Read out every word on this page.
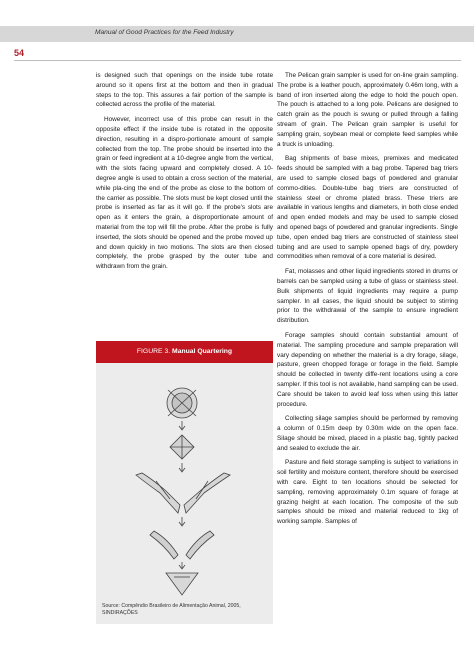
Manual of Good Practices for the Feed Industry
54

is designed such that openings on the inside tube rotate around so it opens first at the bottom and then in gradual steps to the top. This assures a fair portion of the sample is collected across the profile of the material.

However, incorrect use of this probe can result in the opposite effect if the inside tube is rotated in the opposite direction, resulting in a dispro-portionate amount of sample collected from the top. The probe should be inserted into the grain or feed ingredient at a 10-degree angle from the vertical, with the slots facing upward and completely closed. A 10-degree angle is used to obtain a cross section of the material, while pla-cing the end of the probe as close to the bottom of the carrier as possible. The slots must be kept closed until the probe is inserted as far as it will go. If the probe's slots are open as it enters the grain, a disproportionate amount of material from the top will fill the probe. After the probe is fully inserted, the slots should be opened and the probe moved up and down quickly in two motions. The slots are then closed completely, the probe grasped by the outer tube and withdrawn from the grain.

FIGURE 3. Manual Quartering
Source: Compêndio Brasileiro de Alimentação Animal, 2005, SINDIRAÇÕES

The Pelican grain sampler is used for on-line grain sampling. The probe is a leather pouch, approximately 0.46m long, with a band of iron inserted along the edge to hold the pouch open. The pouch is attached to a long pole. Pelicans are designed to catch grain as the pouch is swung or pulled through a falling stream of grain. The Pelican grain sampler is useful for sampling grain, soybean meal or complete feed samples while a truck is unloading.

Bag shipments of base mixes, premixes and medicated feeds should be sampled with a bag probe. Tapered bag triers are used to sample closed bags of powdered and granular commo-dities. Double-tube bag triers are constructed of stainless steel or chrome plated brass. These triers are available in various lengths and diameters, in both close ended and open ended models and may be used to sample closed and opened bags of powdered and granular ingredients. Single tube, open ended bag triers are constructed of stainless steel tubing and are used to sample opened bags of dry, powdery commodities when removal of a core material is desired.

Fat, molasses and other liquid ingredients stored in drums or barrels can be sampled using a tube of glass or stainless steel. Bulk shipments of liquid ingredients may require a pump sampler. In all cases, the liquid should be subject to stirring prior to the withdrawal of the sample to ensure ingredient distribution.

Forage samples should contain substantial amount of material. The sampling procedure and sample preparation will vary depending on whether the material is a dry forage, silage, pasture, green chopped forage or forage in the field. Sample should be collected in twenty diffe-rent locations using a core sampler. If this tool is not available, hand sampling can be used. Care should be taken to avoid leaf loss when using this latter procedure.

Collecting silage samples should be performed by removing a column of 0.15m deep by 0.30m wide on the open face. Silage should be mixed, placed in a plastic bag, tightly packed and sealed to exclude the air.

Pasture and field storage sampling is subject to variations in soil fertility and moisture content, therefore should be exercised with care. Eight to ten locations should be selected for sampling, removing approximately 0.1m square of forage at grazing height at each location. The composite of the sub samples should be mixed and material reduced to 1kg of working sample. Samples of
